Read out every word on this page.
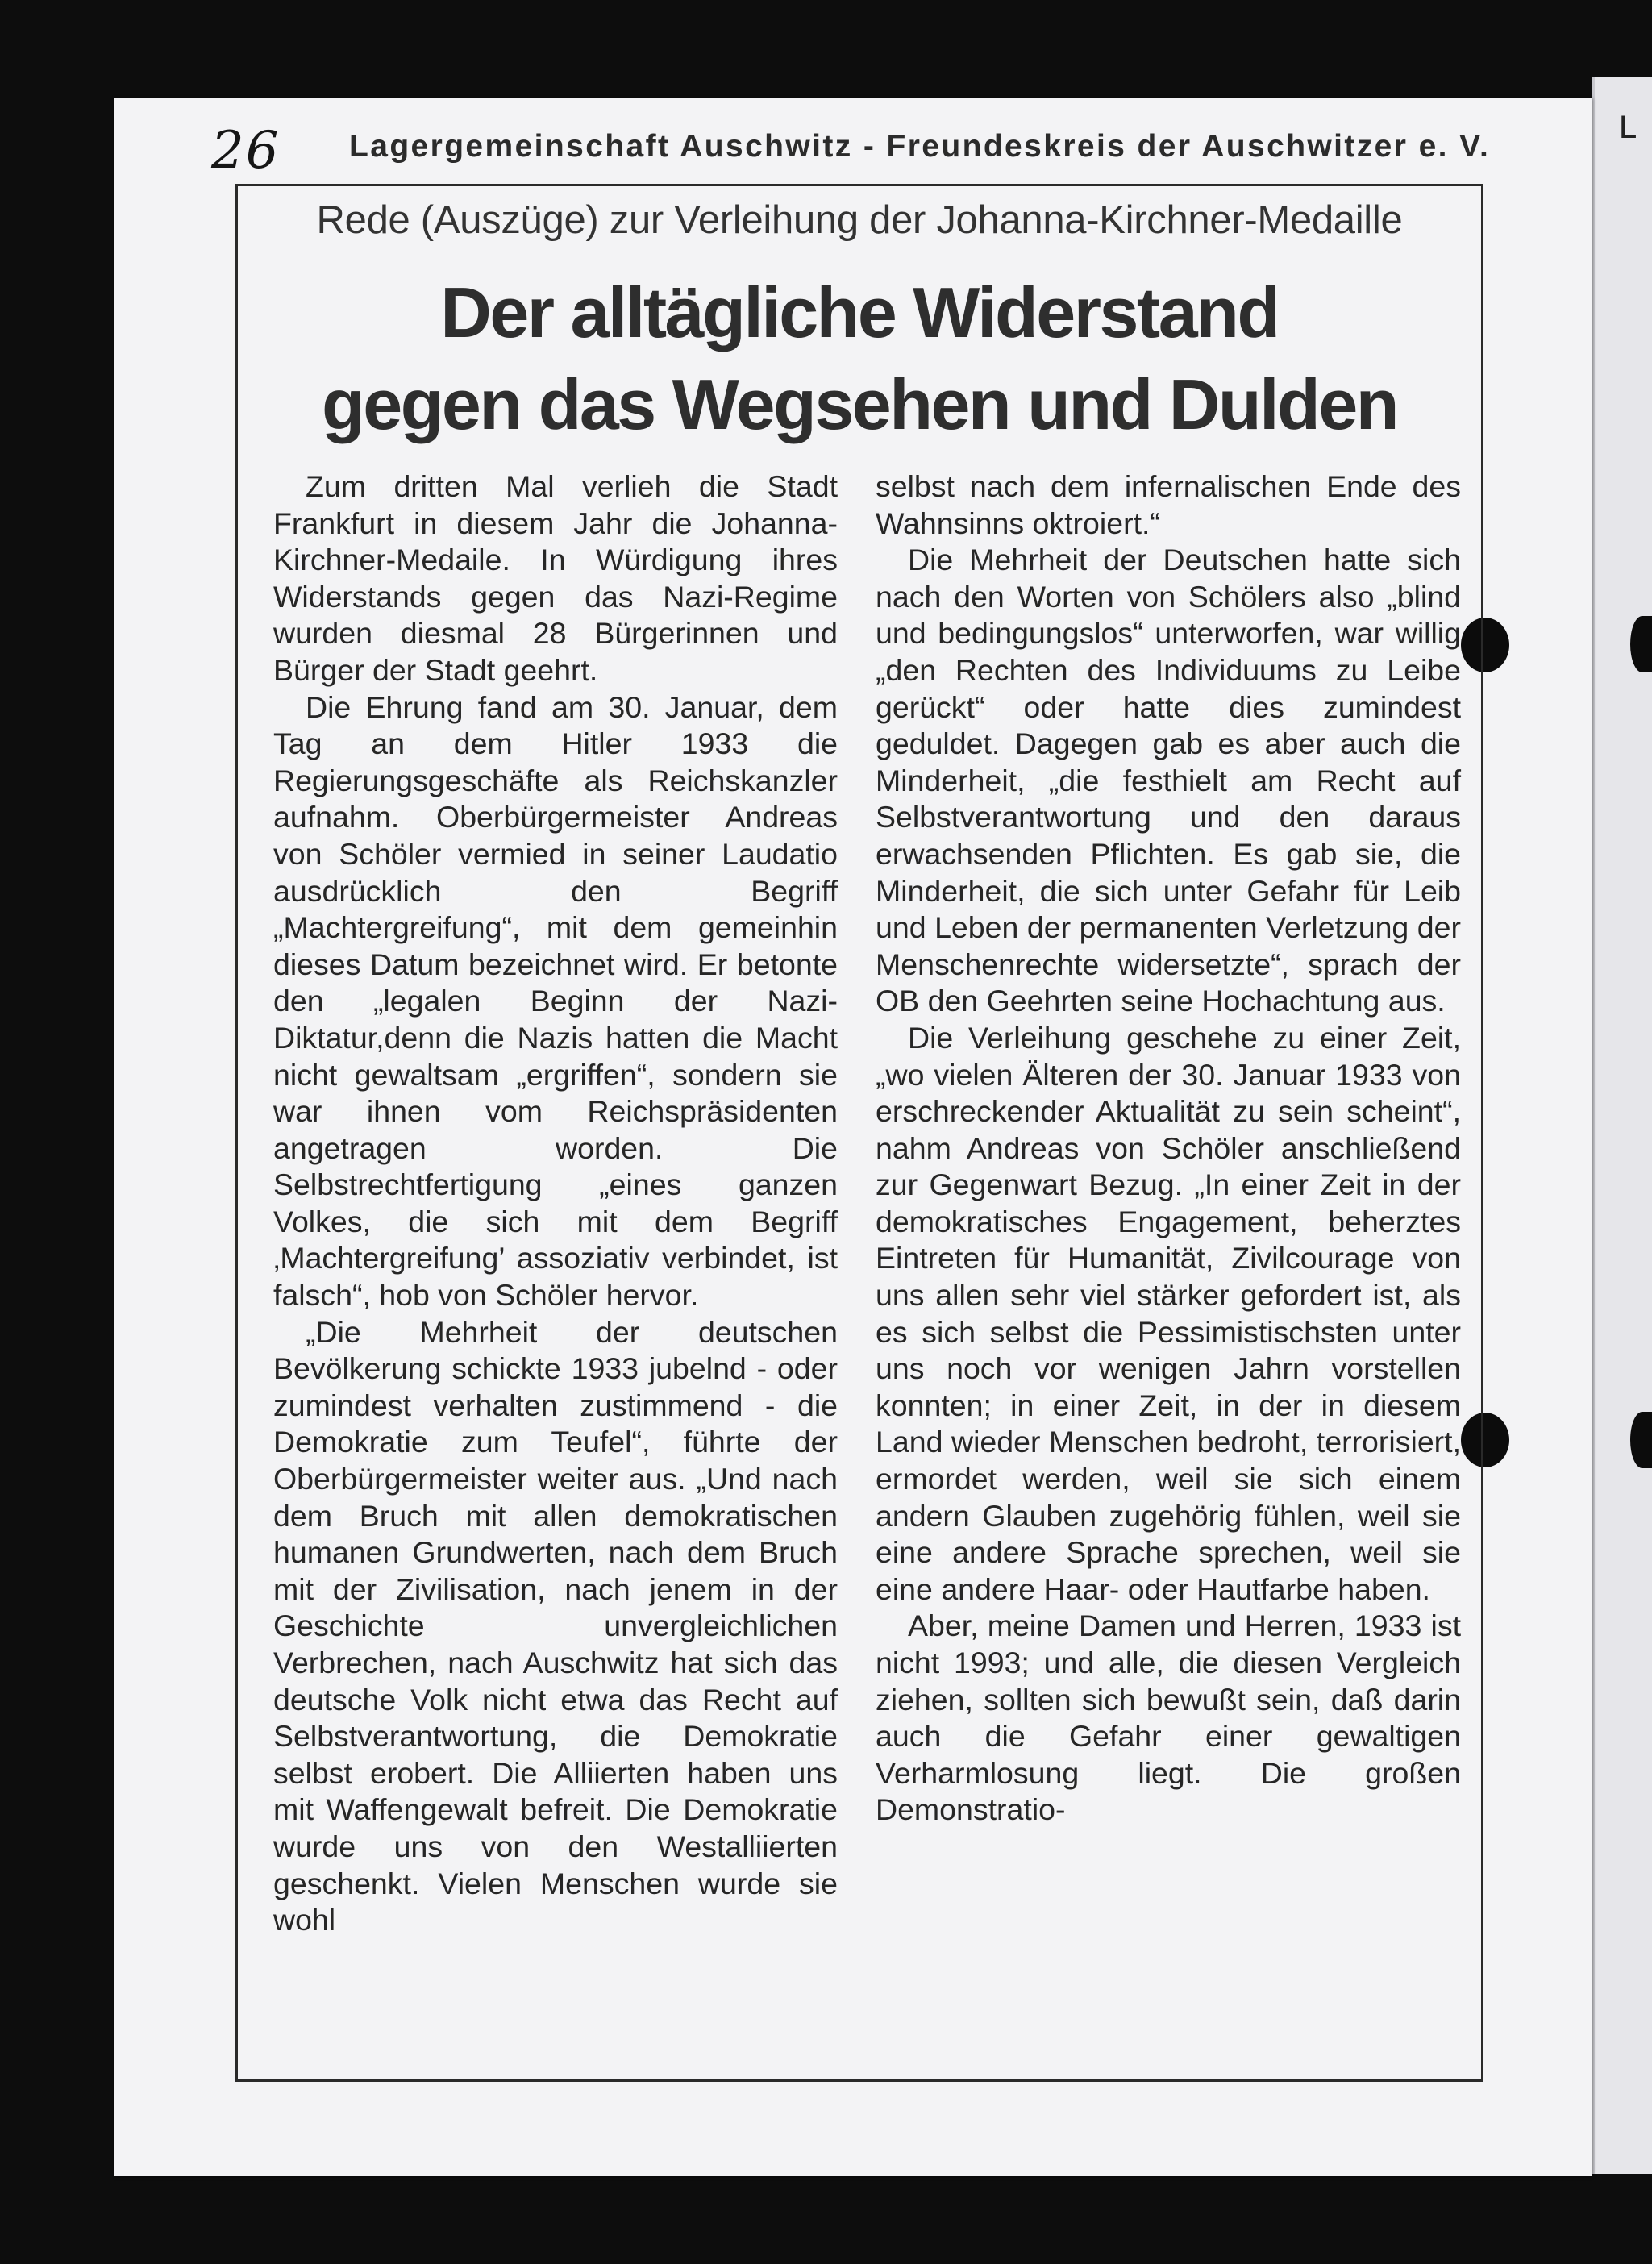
L
26 Lagergemeinschaft Auschwitz - Freundeskreis der Auschwitzer e. V.
Rede (Auszüge) zur Verleihung der Johanna-Kirchner-Medaille
Der alltägliche Widerstand
gegen das Wegsehen und Dulden

Zum dritten Mal verlieh die Stadt Frankfurt in diesem Jahr die Johanna-Kirchner-Medaile. In Würdigung ihres Widerstands gegen das Nazi-Regime wurden diesmal 28 Bürgerinnen und Bürger der Stadt geehrt.

Die Ehrung fand am 30. Januar, dem Tag an dem Hitler 1933 die Regierungsgeschäfte als Reichskanzler aufnahm. Oberbürgermeister Andreas von Schöler vermied in seiner Laudatio ausdrücklich den Begriff „Machtergreifung“, mit dem gemeinhin dieses Datum bezeichnet wird. Er betonte den „legalen Beginn der Nazi-Diktatur,denn die Nazis hatten die Macht nicht gewaltsam „ergriffen“, sondern sie war ihnen vom Reichspräsidenten angetragen worden. Die Selbstrechtfertigung „eines ganzen Volkes, die sich mit dem Begriff ‚Machtergreifung’ assoziativ verbindet, ist falsch“, hob von Schöler hervor.

„Die Mehrheit der deutschen Bevölkerung schickte 1933 jubelnd - oder zumindest verhalten zustimmend - die Demokratie zum Teufel“, führte der Oberbürgermeister weiter aus. „Und nach dem Bruch mit allen demokratischen humanen Grundwerten, nach dem Bruch mit der Zivilisation, nach jenem in der Geschichte unvergleichlichen Verbrechen, nach Auschwitz hat sich das deutsche Volk nicht etwa das Recht auf Selbstverantwortung, die Demokratie selbst erobert. Die Alliierten haben uns mit Waffengewalt befreit. Die Demokratie wurde uns von den Westalliierten geschenkt. Vielen Menschen wurde sie wohl

selbst nach dem infernalischen Ende des Wahnsinns oktroiert.“

Die Mehrheit der Deutschen hatte sich nach den Worten von Schölers also „blind und bedingungslos“ unterworfen, war willig „den Rechten des Individuums zu Leibe gerückt“ oder hatte dies zumindest geduldet. Dagegen gab es aber auch die Minderheit, „die festhielt am Recht auf Selbstverantwortung und den daraus erwachsenden Pflichten. Es gab sie, die Minderheit, die sich unter Gefahr für Leib und Leben der permanenten Verletzung der Menschenrechte widersetzte“, sprach der OB den Geehrten seine Hochachtung aus.

Die Verleihung geschehe zu einer Zeit, „wo vielen Älteren der 30. Januar 1933 von erschreckender Aktualität zu sein scheint“, nahm Andreas von Schöler anschließend zur Gegenwart Bezug. „In einer Zeit in der demokratisches Engagement, beherztes Eintreten für Humanität, Zivilcourage von uns allen sehr viel stärker gefordert ist, als es sich selbst die Pessimistischsten unter uns noch vor wenigen Jahrn vorstellen konnten; in einer Zeit, in der in diesem Land wieder Menschen bedroht, terrorisiert, ermordet werden, weil sie sich einem andern Glauben zugehörig fühlen, weil sie eine andere Sprache sprechen, weil sie eine andere Haar- oder Hautfarbe haben.

Aber, meine Damen und Herren, 1933 ist nicht 1993; und alle, die diesen Vergleich ziehen, sollten sich bewußt sein, daß darin auch die Gefahr einer gewaltigen Verharmlosung liegt. Die großen Demonstratio-
